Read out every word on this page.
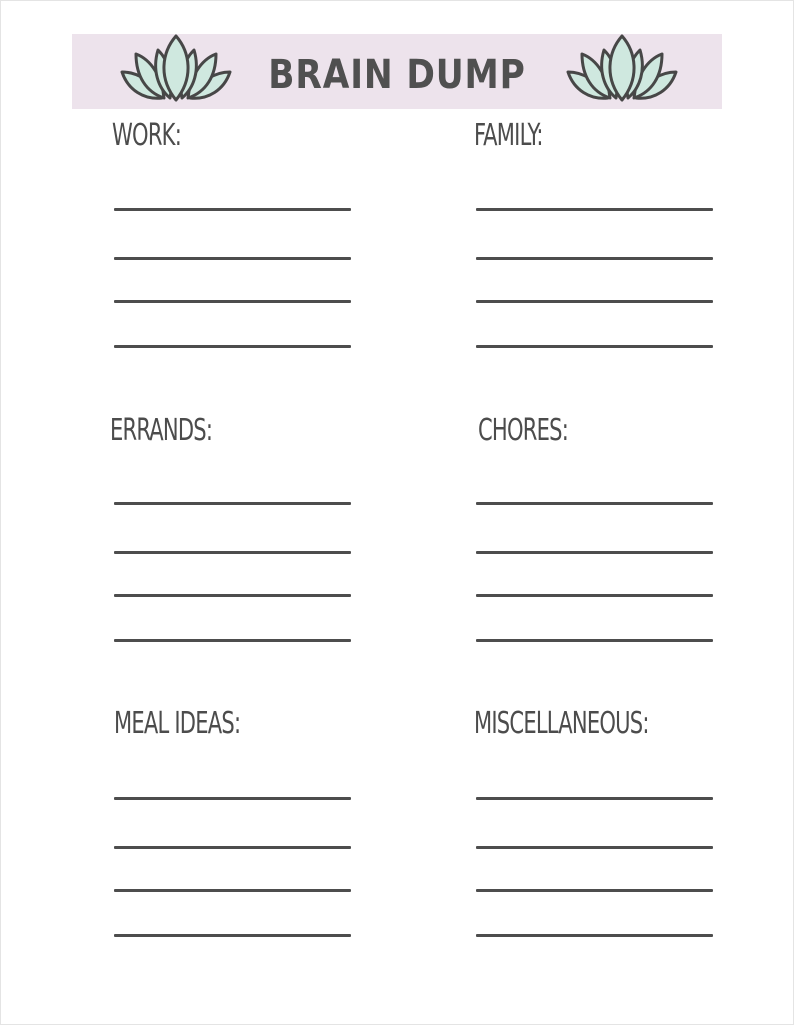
BRAIN DUMP
WORK:	FAMILY:
ERRANDS:	CHORES:
MEAL IDEAS:	MISCELLANEOUS:
